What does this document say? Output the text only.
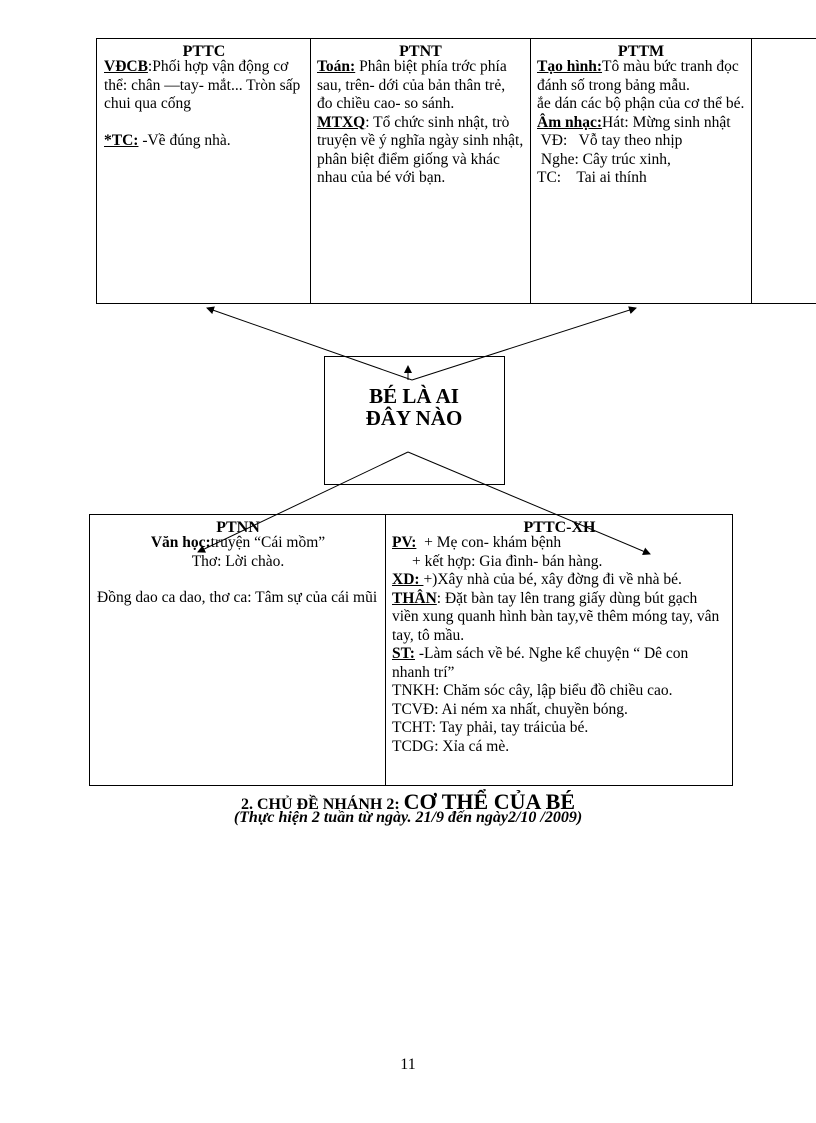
PTTC

VĐCB:Phối hợp vận động cơ thể: chân —tay- mắt... Tròn sấp chui qua cống

*TC: -Về đúng nhà.

PTNT

Toán: Phân biệt phía trớc phía sau, trên- dới của bản thân trẻ, đo chiều cao- so sánh.

MTXQ: Tổ chức sinh nhật, trò truyện về ý nghĩa ngày sinh nhật, phân biệt điểm giống và khác nhau của bé với bạn.

PTTM

Tạo hình:Tô màu bức tranh đọc đánh số trong bảng mẫu.

ắe dán các bộ phận của cơ thể bé.

Âm nhạc:Hát: Mừng sinh nhật

VĐ:   Vỗ tay theo nhịp

Nghe: Cây trúc xinh,

TC:    Tai ai thính

BÉ LÀ AI
ĐÂY NÀO

PTNN

Văn học:truyện “Cái mồm”

Thơ: Lời chào.

Đồng dao ca dao, thơ ca: Tâm sự của cái mũi

PTTC-XH

PV:  + Mẹ con- khám bệnh

+ kết hợp: Gia đình- bán hàng.

XD: +)Xây nhà của bé, xây đờng đi về nhà bé.

THÂN: Đặt bàn tay lên trang giấy dùng bút gạch viền xung quanh hình bàn tay,vẽ thêm móng tay, vân tay, tô mầu.

ST: -Làm sách về bé. Nghe kể chuyện “ Dê con nhanh trí”

TNKH: Chăm sóc cây, lập biểu đồ chiều cao.

TCVĐ: Ai ném xa nhất, chuyền bóng.

TCHT: Tay phải, tay tráicủa bé.

TCDG: Xỉa cá mè.

2. CHỦ ĐỀ NHÁNH 2: CƠ THỂ CỦA BÉ
(Thực hiện 2 tuần từ ngày. 21/9 đến ngày2/10 /2009)
11
